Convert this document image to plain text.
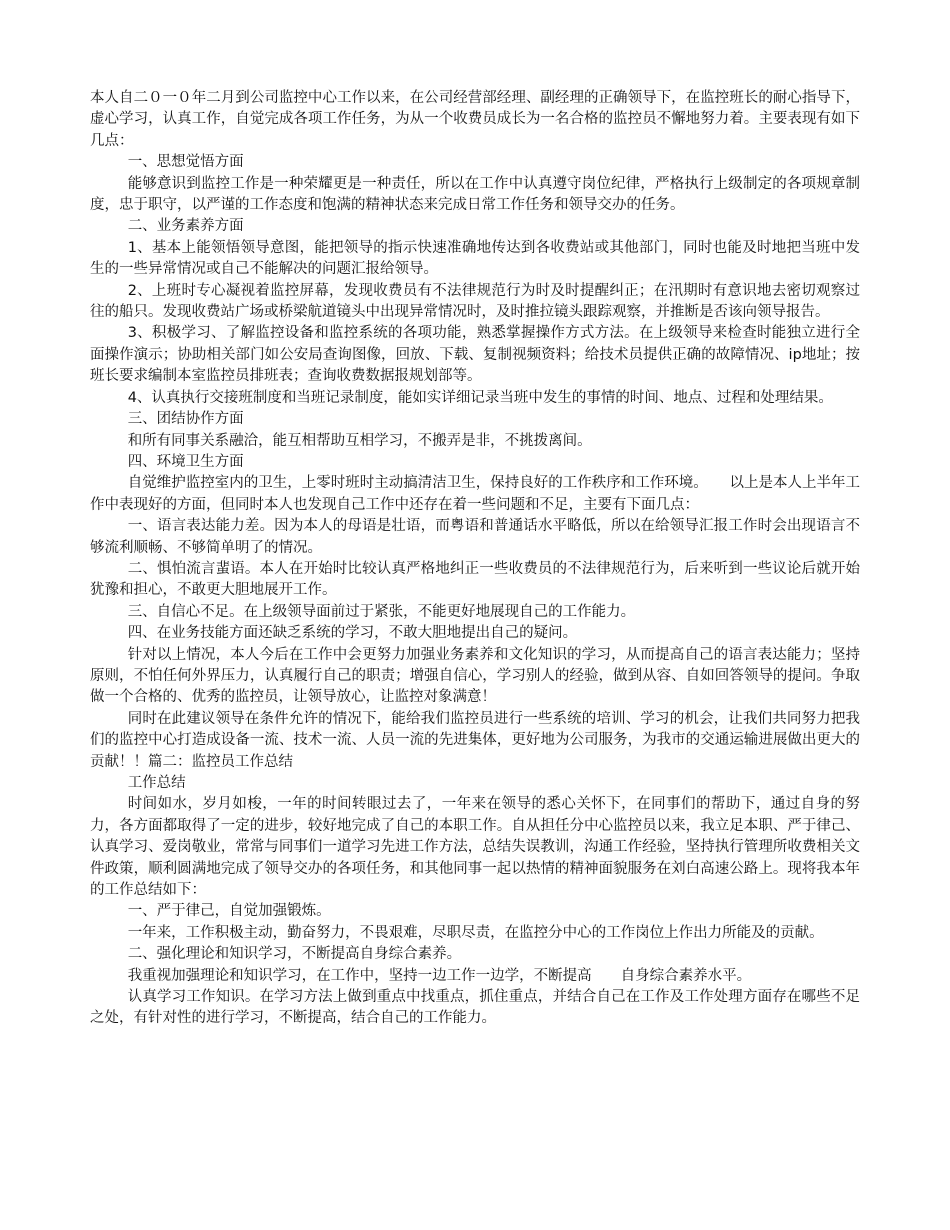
本人自二０一０年二月到公司监控中心工作以来，在公司经营部经理、副经理的正确领导下，在监控班长的耐心指导下，虚心学习，认真工作，自觉完成各项工作任务，为从一个收费员成长为一名合格的监控员不懈地努力着。主要表现有如下几点：

一、思想觉悟方面

能够意识到监控工作是一种荣耀更是一种责任，所以在工作中认真遵守岗位纪律，严格执行上级制定的各项规章制度，忠于职守，以严谨的工作态度和饱满的精神状态来完成日常工作任务和领导交办的任务。

二、业务素养方面

1、基本上能领悟领导意图，能把领导的指示快速准确地传达到各收费站或其他部门，同时也能及时地把当班中发生的一些异常情况或自己不能解决的问题汇报给领导。

2、上班时专心凝视着监控屏幕，发现收费员有不法律规范行为时及时提醒纠正；在汛期时有意识地去密切观察过往的船只。发现收费站广场或桥梁航道镜头中出现异常情况时，及时推拉镜头跟踪观察，并推断是否该向领导报告。

3、积极学习、了解监控设备和监控系统的各项功能，熟悉掌握操作方式方法。在上级领导来检查时能独立进行全面操作演示；协助相关部门如公安局查询图像，回放、下载、复制视频资料；给技术员提供正确的故障情况、ip地址；按班长要求编制本室监控员排班表；查询收费数据报规划部等。

4、认真执行交接班制度和当班记录制度，能如实详细记录当班中发生的事情的时间、地点、过程和处理结果。

三、团结协作方面

和所有同事关系融洽，能互相帮助互相学习，不搬弄是非，不挑拨离间。

四、环境卫生方面

自觉维护监控室内的卫生，上零时班时主动搞清洁卫生，保持良好的工作秩序和工作环境。　　以上是本人上半年工作中表现好的方面，但同时本人也发现自己工作中还存在着一些问题和不足，主要有下面几点：

一、语言表达能力差。因为本人的母语是壮语，而粤语和普通话水平略低，所以在给领导汇报工作时会出现语言不够流利顺畅、不够简单明了的情况。

二、惧怕流言蜚语。本人在开始时比较认真严格地纠正一些收费员的不法律规范行为，后来听到一些议论后就开始犹豫和担心，不敢更大胆地展开工作。

三、自信心不足。在上级领导面前过于紧张，不能更好地展现自己的工作能力。

四、在业务技能方面还缺乏系统的学习，不敢大胆地提出自己的疑问。

针对以上情况，本人今后在工作中会更努力加强业务素养和文化知识的学习，从而提高自己的语言表达能力；坚持原则，不怕任何外界压力，认真履行自己的职责；增强自信心，学习别人的经验，做到从容、自如回答领导的提问。争取做一个合格的、优秀的监控员，让领导放心，让监控对象满意！

同时在此建议领导在条件允许的情况下，能给我们监控员进行一些系统的培训、学习的机会，让我们共同努力把我们的监控中心打造成设备一流、技术一流、人员一流的先进集体，更好地为公司服务，为我市的交通运输进展做出更大的贡献！！篇二：监控员工作总结

工作总结

时间如水，岁月如梭，一年的时间转眼过去了，一年来在领导的悉心关怀下，在同事们的帮助下，通过自身的努力，各方面都取得了一定的进步，较好地完成了自己的本职工作。自从担任分中心监控员以来，我立足本职、严于律己、认真学习、爱岗敬业，常常与同事们一道学习先进工作方法，总结失误教训，沟通工作经验，坚持执行管理所收费相关文件政策，顺利圆满地完成了领导交办的各项任务，和其他同事一起以热情的精神面貌服务在刘白高速公路上。现将我本年的工作总结如下：

一、严于律己，自觉加强锻炼。

一年来，工作积极主动，勤奋努力，不畏艰难，尽职尽责，在监控分中心的工作岗位上作出力所能及的贡献。

二、强化理论和知识学习，不断提高自身综合素养。

我重视加强理论和知识学习，在工作中，坚持一边工作一边学，不断提高　　自身综合素养水平。

认真学习工作知识。在学习方法上做到重点中找重点，抓住重点，并结合自己在工作及工作处理方面存在哪些不足之处，有针对性的进行学习，不断提高，结合自己的工作能力。
